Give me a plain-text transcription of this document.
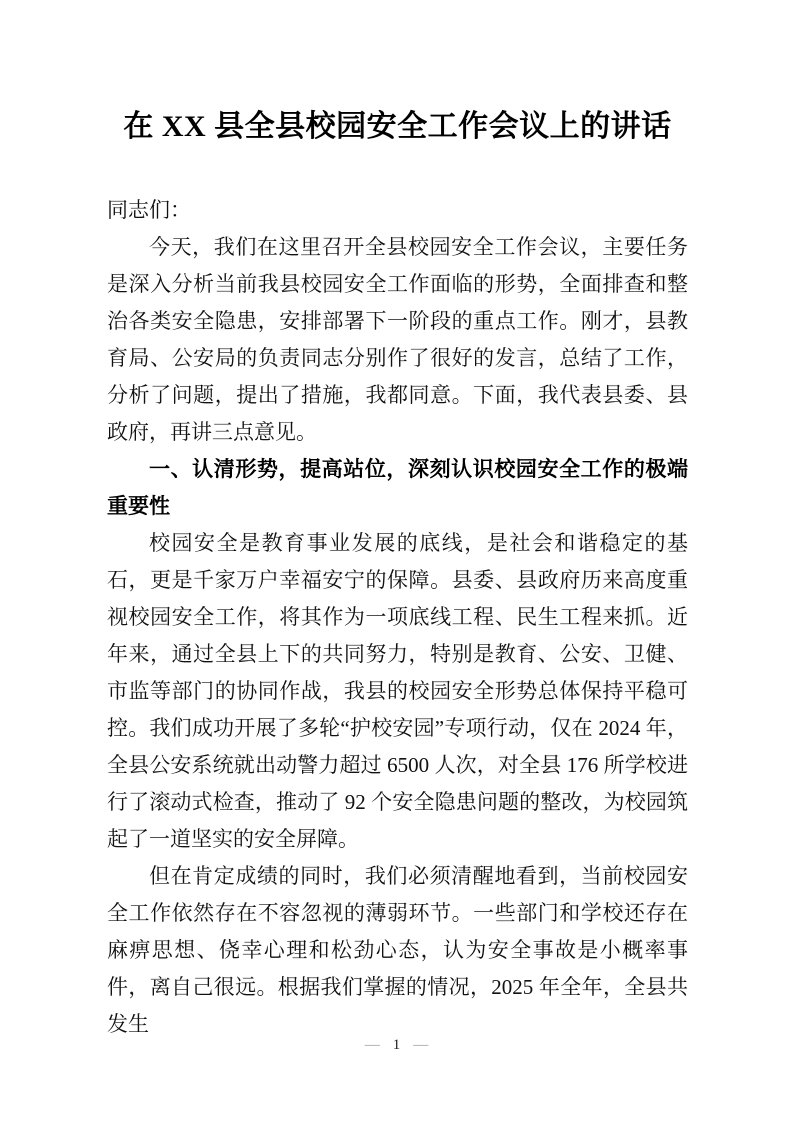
在 XX 县全县校园安全工作会议上的讲话

同志们：

今天，我们在这里召开全县校园安全工作会议，主要任务是深入分析当前我县校园安全工作面临的形势，全面排查和整治各类安全隐患，安排部署下一阶段的重点工作。刚才，县教育局、公安局的负责同志分别作了很好的发言，总结了工作，分析了问题，提出了措施，我都同意。下面，我代表县委、县政府，再讲三点意见。

一、认清形势，提高站位，深刻认识校园安全工作的极端重要性

校园安全是教育事业发展的底线，是社会和谐稳定的基石，更是千家万户幸福安宁的保障。县委、县政府历来高度重视校园安全工作，将其作为一项底线工程、民生工程来抓。近年来，通过全县上下的共同努力，特别是教育、公安、卫健、市监等部门的协同作战，我县的校园安全形势总体保持平稳可控。我们成功开展了多轮“护校安园”专项行动，仅在 2024 年，全县公安系统就出动警力超过 6500 人次，对全县 176 所学校进行了滚动式检查，推动了 92 个安全隐患问题的整改，为校园筑起了一道坚实的安全屏障。

但在肯定成绩的同时，我们必须清醒地看到，当前校园安全工作依然存在不容忽视的薄弱环节。一些部门和学校还存在麻痹思想、侥幸心理和松劲心态，认为安全事故是小概率事件，离自己很远。根据我们掌握的情况，2025 年全年，全县共发生

— 1 —
